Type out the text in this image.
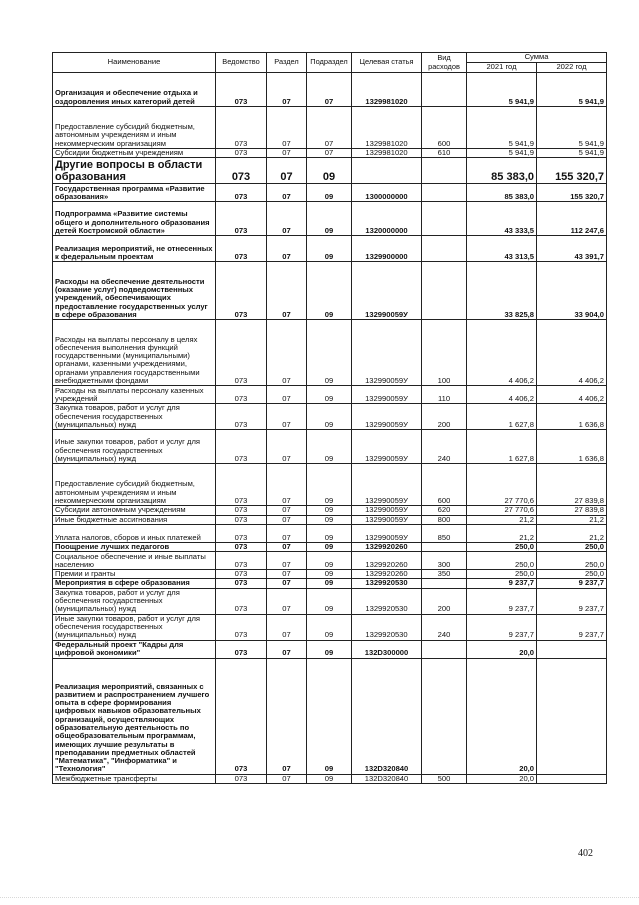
Наименование	Ведомство	Раздел	Подраздел	Целевая статья	Вид расходов	Сумма	
						2021 год	2022 год
Организация и обеспечение отдыха и оздоровления иных категорий детей	073	07	07	1329981020		5 941,9	5 941,9
Предоставление субсидий бюджетным, автономным учреждениям и иным некоммерческим организациям	073	07	07	1329981020	600	5 941,9	5 941,9
Субсидии бюджетным учреждениям	073	07	07	1329981020	610	5 941,9	5 941,9
Другие вопросы в области образования	073	07	09			85 383,0	155 320,7
Государственная программа «Развитие образования»	073	07	09	1300000000		85 383,0	155 320,7
Подпрограмма «Развитие системы общего и дополнительного образования детей Костромской области»	073	07	09	1320000000		43 333,5	112 247,6
Реализация мероприятий, не отнесенных к федеральным проектам	073	07	09	1329900000		43 313,5	43 391,7
Расходы на обеспечение деятельности (оказание услуг) подведомственных учреждений, обеспечивающих предоставление государственных услуг в сфере образования	073	07	09	132990059У		33 825,8	33 904,0
Расходы на выплаты персоналу в целях обеспечения выполнения функций государственными (муниципальными) органами, казенными учреждениями, органами управления государственными внебюджетными фондами	073	07	09	132990059У	100	4 406,2	4 406,2
Расходы на выплаты персоналу казенных учреждений	073	07	09	132990059У	110	4 406,2	4 406,2
Закупка товаров, работ и услуг для обеспечения государственных (муниципальных) нужд	073	07	09	132990059У	200	1 627,8	1 636,8
Иные закупки товаров, работ и услуг для обеспечения государственных (муниципальных) нужд	073	07	09	132990059У	240	1 627,8	1 636,8
Предоставление субсидий бюджетным, автономным учреждениям и иным некоммерческим организациям	073	07	09	132990059У	600	27 770,6	27 839,8
Субсидии автономным учреждениям	073	07	09	132990059У	620	27 770,6	27 839,8
Иные бюджетные ассигнования	073	07	09	132990059У	800	21,2	21,2
Уплата налогов, сборов и иных платежей	073	07	09	132990059У	850	21,2	21,2
Поощрение лучших педагогов	073	07	09	1329920260		250,0	250,0
Социальное обеспечение и иные выплаты населению	073	07	09	1329920260	300	250,0	250,0
Премии и гранты	073	07	09	1329920260	350	250,0	250,0
Мероприятия в сфере образования	073	07	09	1329920530		9 237,7	9 237,7
Закупка товаров, работ и услуг для обеспечения государственных (муниципальных) нужд	073	07	09	1329920530	200	9 237,7	9 237,7
Иные закупки товаров, работ и услуг для обеспечения государственных (муниципальных) нужд	073	07	09	1329920530	240	9 237,7	9 237,7
Федеральный проект "Кадры для цифровой экономики"	073	07	09	132D300000		20,0	
Реализация мероприятий, связанных с развитием и распространением лучшего опыта в сфере формирования цифровых навыков образовательных организаций, осуществляющих образовательную деятельность по общеобразовательным программам, имеющих лучшие результаты в преподавании предметных областей "Математика", "Информатика" и "Технология"	073	07	09	132D320840		20,0	
Межбюджетные трансферты	073	07	09	132D320840	500	20,0	
402
